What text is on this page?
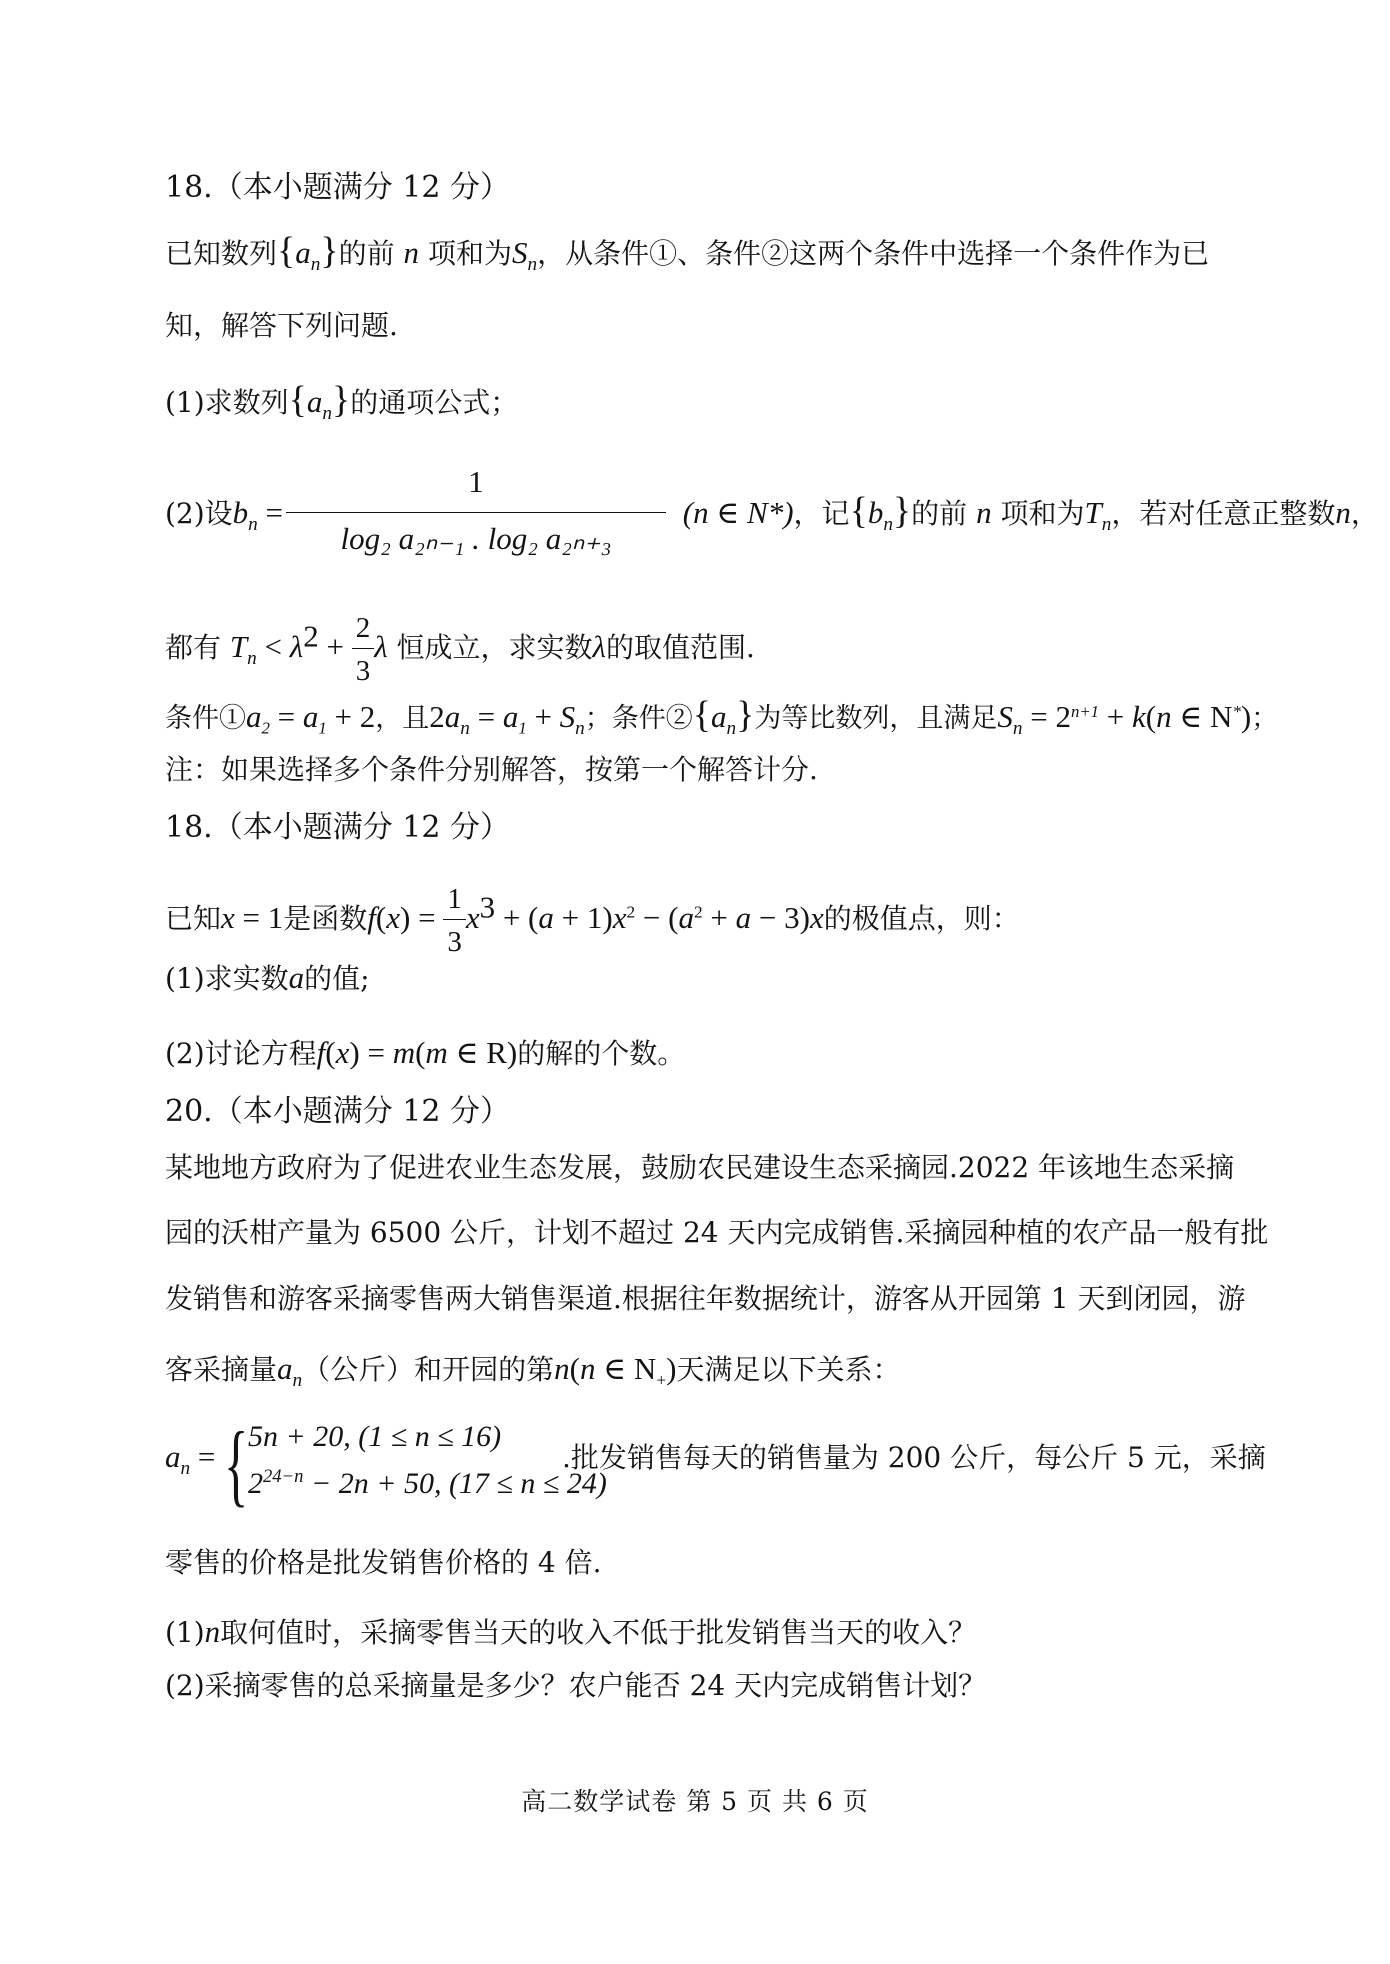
18.（本小题满分 12 分）
已知数列$\{a_n\}$的前 n 项和为$S_n$，从条件①、条件②这两个条件中选择一个条件作为已
知，解答下列问题.
(1)求数列$\{a_n\}$的通项公式；
(2)设$b_n$ =	(n ∈ N*)，记$\{b_n\}$的前 n 项和为$T_n$，若对任意正整数n，
1
log₂ a₂ₙ₋₁ . log₂ a₂ₙ₊₃
都有 $T_n < \lambda^2 + \frac{2}{3}$ λ 恒成立，求实数λ的取值范围.
条件$①a_2 = a_1 + 2$，且$2a_n = a_1 + S_n$；条件$②\{a_n\}$为等比数列，且满足$S_n = 2^{n+1} + k(n$ ∈ N*)；
注：如果选择多个条件分别解答，按第一个解答计分.
18.（本小题满分 12 分）
已知x = 1是函数$f(x) = \frac{1}{3} x^3 + (a + 1)x^2 - (a^2 + a - 3)x$的极值点，则：
(1)求实数a的值;
(2)讨论方程f(x) = m(m ∈ R)的解的个数。
20.（本小题满分 12 分）
某地地方政府为了促进农业生态发展，鼓励农民建设生态采摘园.2022 年该地生态采摘
园的沃柑产量为 6500 公斤，计划不超过 24 天内完成销售.采摘园种植的农产品一般有批
发销售和游客采摘零售两大销售渠道.根据往年数据统计，游客从开园第 1 天到闭园，游
客采摘量$a_n$（公斤）和开园的第n(n ∈ $N_+$)天满足以下关系：
$a_n$ =	.批发销售每天的销售量为 200 公斤，每公斤 5 元，采摘
{ 5n + 20, (1 ≤ n ≤ 16)
$2^{24-n} - 2n + 50$, (17 ≤ n ≤ 24)
零售的价格是批发销售价格的 4 倍.
(1)n取何值时，采摘零售当天的收入不低于批发销售当天的收入？
(2)采摘零售的总采摘量是多少？农户能否 24 天内完成销售计划？
高二数学试卷 第 5 页 共 6 页
